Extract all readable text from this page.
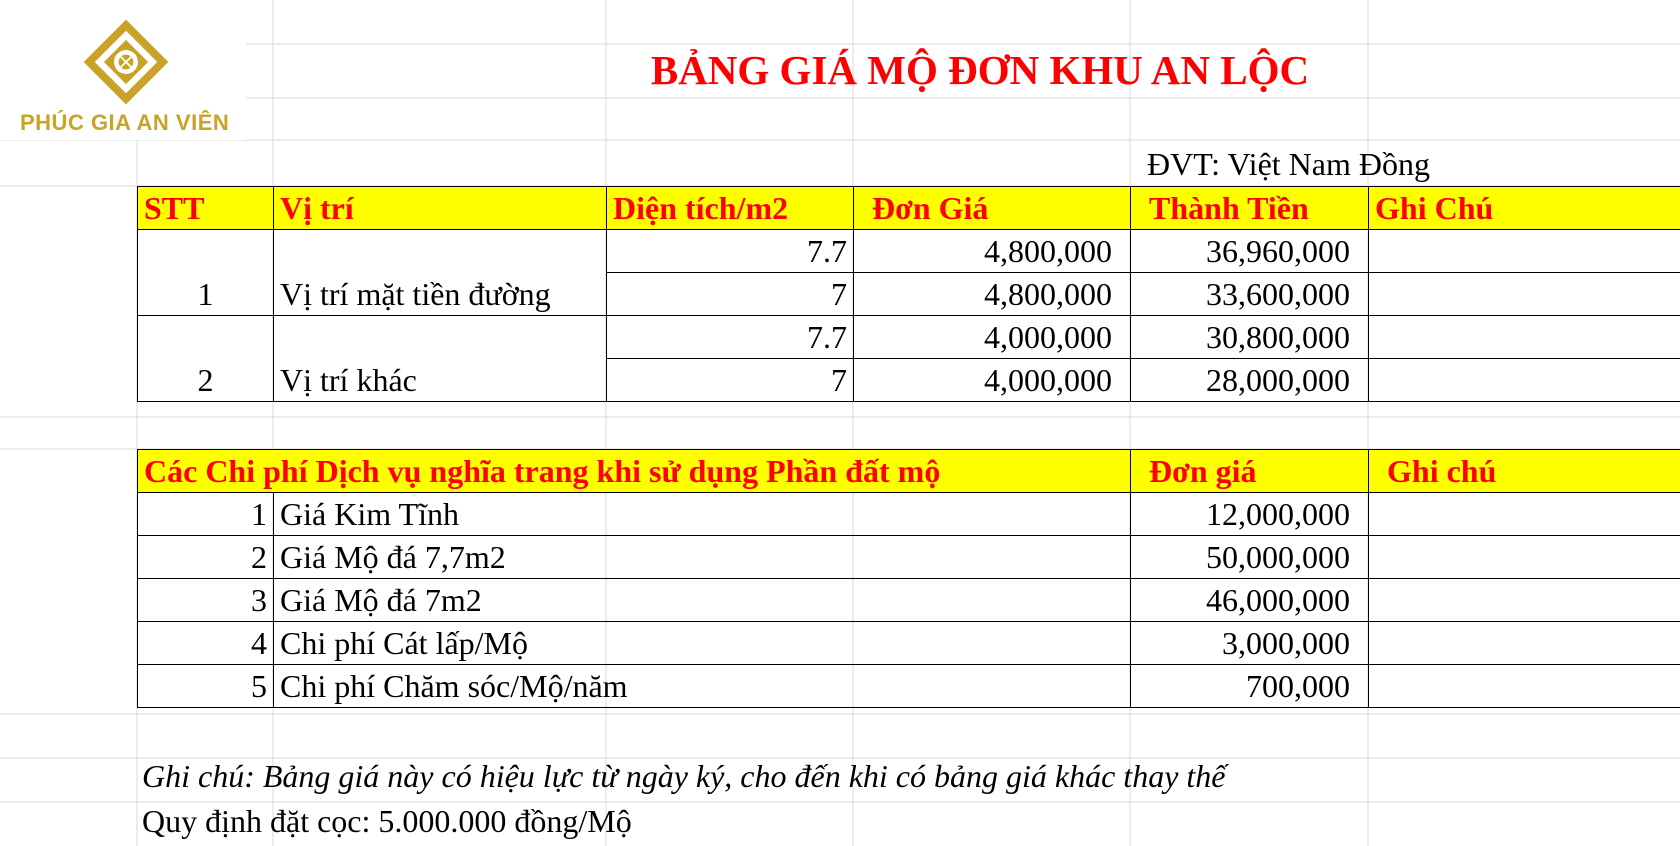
PHÚC GIA AN VIÊN
BẢNG GIÁ MỘ ĐƠN KHU AN LỘC
ĐVT: Việt Nam Đồng
STT	Vị trí	Diện tích/m2	Đơn Giá	Thành Tiền	Ghi Chú
1	Vị trí mặt tiền đường	7.7	4,800,000	36,960,000	
		7	4,800,000	33,600,000	
2	Vị trí khác	7.7	4,000,000	30,800,000	
		7	4,000,000	28,000,000	
Các Chi phí Dịch vụ nghĩa trang khi sử dụng Phần đất mộ		Đơn giá	Ghi chú
1	Giá Kim Tĩnh	12,000,000	
2	Giá Mộ đá 7,7m2	50,000,000	
3	Giá Mộ đá 7m2	46,000,000	
4	Chi phí Cát lấp/Mộ	3,000,000	
5	Chi phí Chăm sóc/Mộ/năm	700,000	
Ghi chú: Bảng giá này có hiệu lực từ ngày ký, cho đến khi có bảng giá khác thay thế
Quy định đặt cọc: 5.000.000 đồng/Mộ
